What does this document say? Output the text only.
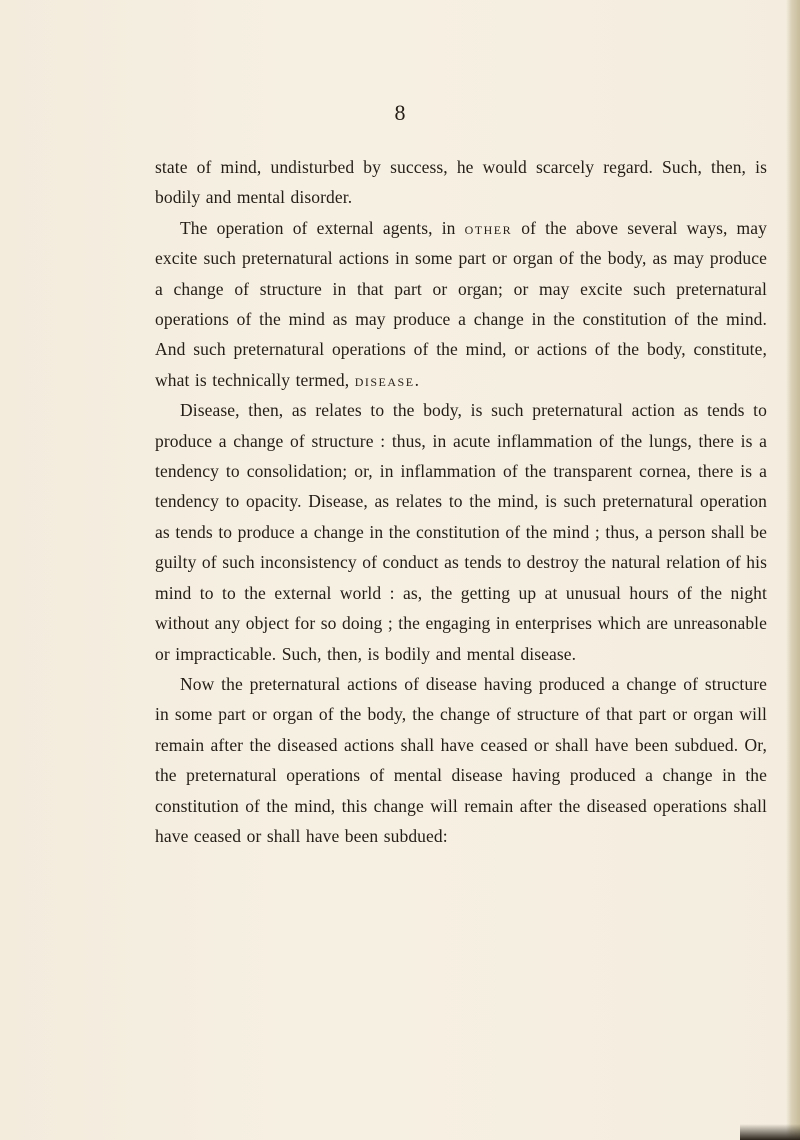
8

state of mind, undisturbed by success, he would scarcely regard. Such, then, is bodily and mental disorder.

The operation of external agents, in other of the above several ways, may excite such preternatural actions in some part or organ of the body, as may produce a change of structure in that part or organ; or may excite such preternatural operations of the mind as may produce a change in the constitution of the mind. And such preternatural operations of the mind, or actions of the body, constitute, what is technically termed, disease.

Disease, then, as relates to the body, is such preternatural action as tends to produce a change of structure : thus, in acute inflammation of the lungs, there is a tendency to consolidation; or, in inflammation of the transparent cornea, there is a tendency to opacity. Disease, as relates to the mind, is such preternatural operation as tends to produce a change in the constitution of the mind ; thus, a person shall be guilty of such inconsistency of conduct as tends to destroy the natural relation of his mind to to the external world : as, the getting up at unusual hours of the night without any object for so doing ; the engaging in enterprises which are unreasonable or impracticable. Such, then, is bodily and mental disease.

Now the preternatural actions of disease having produced a change of structure in some part or organ of the body, the change of structure of that part or organ will remain after the diseased actions shall have ceased or shall have been subdued. Or, the preternatural operations of mental disease having produced a change in the constitution of the mind, this change will remain after the diseased operations shall have ceased or shall have been subdued:
